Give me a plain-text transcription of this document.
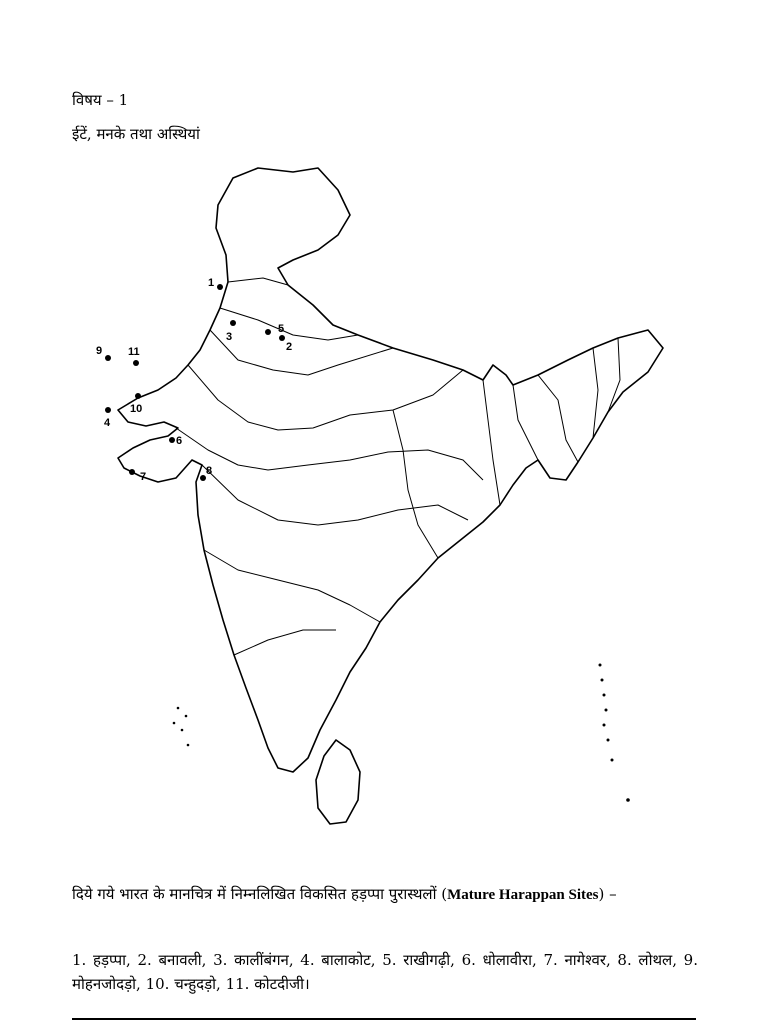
विषय – 1
ईटें, मनके तथा अस्थियां
1
2
3
4
5
6
7	8
9
10
11
दिये गये भारत के मानचित्र में निम्नलिखित विकसित हड़प्पा पुरास्थलों (Mature Harappan Sites) –
1. हड़प्पा, 2. बनावली, 3. कालींबंगन, 4. बालाकोट, 5. राखीगढ़ी, 6. धोलावीरा, 7. नागेश्वर, 8. लोथल, 9. मोहनजोदड़ो, 10. चन्हुदड़ो, 11. कोटदीजी।
